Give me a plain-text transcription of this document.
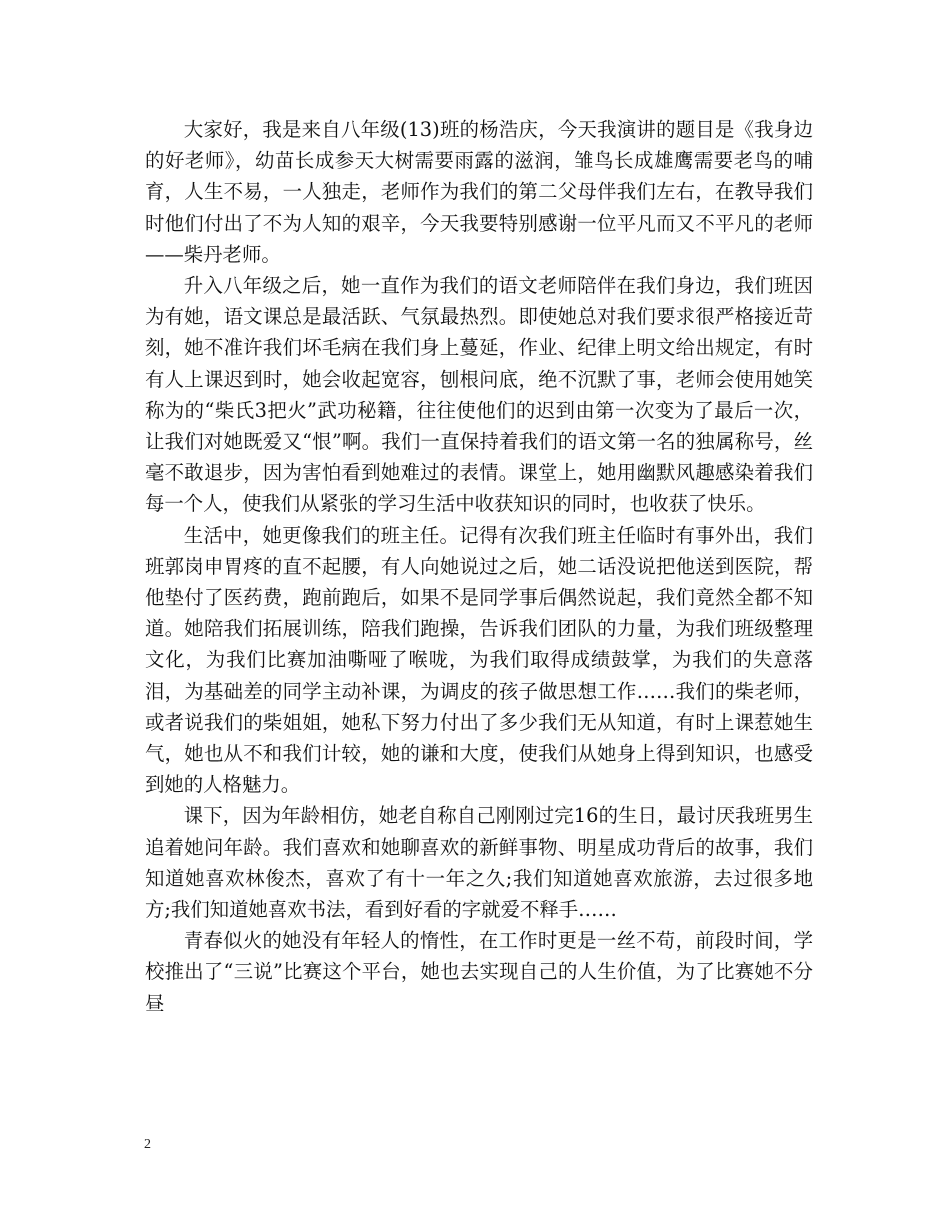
大家好，我是来自八年级(13)班的杨浩庆，今天我演讲的题目是《我身边的好老师》，幼苗长成参天大树需要雨露的滋润，雏鸟长成雄鹰需要老鸟的哺育，人生不易，一人独走，老师作为我们的第二父母伴我们左右，在教导我们时他们付出了不为人知的艰辛，今天我要特别感谢一位平凡而又不平凡的老师——柴丹老师。

升入八年级之后，她一直作为我们的语文老师陪伴在我们身边，我们班因为有她，语文课总是最活跃、气氛最热烈。即使她总对我们要求很严格接近苛刻，她不准许我们坏毛病在我们身上蔓延，作业、纪律上明文给出规定，有时有人上课迟到时，她会收起宽容，刨根问底，绝不沉默了事，老师会使用她笑称为的“柴氏3把火”武功秘籍，往往使他们的迟到由第一次变为了最后一次，让我们对她既爱又“恨”啊。我们一直保持着我们的语文第一名的独属称号，丝毫不敢退步，因为害怕看到她难过的表情。课堂上，她用幽默风趣感染着我们每一个人，使我们从紧张的学习生活中收获知识的同时，也收获了快乐。

生活中，她更像我们的班主任。记得有次我们班主任临时有事外出，我们班郭岗申胃疼的直不起腰，有人向她说过之后，她二话没说把他送到医院，帮他垫付了医药费，跑前跑后，如果不是同学事后偶然说起，我们竟然全都不知道。她陪我们拓展训练，陪我们跑操，告诉我们团队的力量，为我们班级整理文化，为我们比赛加油嘶哑了喉咙，为我们取得成绩鼓掌，为我们的失意落泪，为基础差的同学主动补课，为调皮的孩子做思想工作……我们的柴老师，或者说我们的柴姐姐，她私下努力付出了多少我们无从知道，有时上课惹她生气，她也从不和我们计较，她的谦和大度，使我们从她身上得到知识，也感受到她的人格魅力。

课下，因为年龄相仿，她老自称自己刚刚过完16的生日，最讨厌我班男生追着她问年龄。我们喜欢和她聊喜欢的新鲜事物、明星成功背后的故事，我们知道她喜欢林俊杰，喜欢了有十一年之久;我们知道她喜欢旅游，去过很多地方;我们知道她喜欢书法，看到好看的字就爱不释手……

青春似火的她没有年轻人的惰性，在工作时更是一丝不苟，前段时间，学校推出了“三说”比赛这个平台，她也去实现自己的人生价值，为了比赛她不分昼

2
